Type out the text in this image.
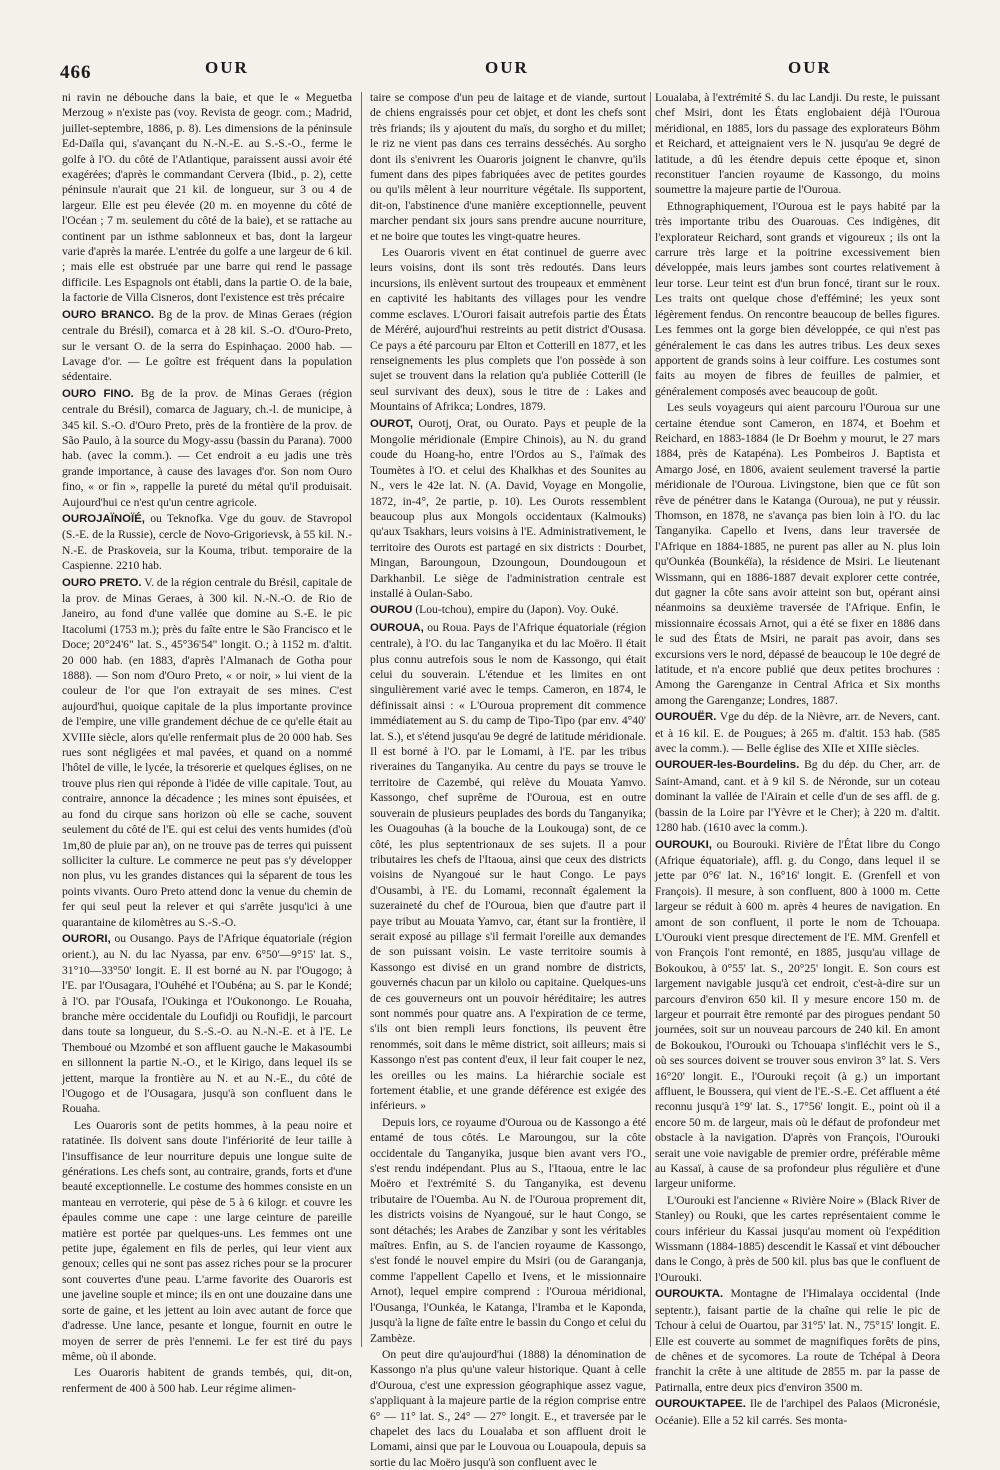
466	OUR	OUR	OUR

ni ravin ne débouche dans la baie, et que le « Meguetba Merzoug » n'existe pas (voy. Revista de geogr. com.; Madrid, juillet-septembre, 1886, p. 8). Les dimensions de la péninsule Ed-Daïla qui, s'avançant du N.-N.-E. au S.-S.-O., ferme le golfe à l'O. du côté de l'Atlantique, paraissent aussi avoir été exagérées; d'après le commandant Cervera (Ibid., p. 2), cette péninsule n'aurait que 21 kil. de longueur, sur 3 ou 4 de largeur. Elle est peu élevée (20 m. en moyenne du côté de l'Océan ; 7 m. seulement du côté de la baie), et se rattache au continent par un isthme sablonneux et bas, dont la largeur varie d'après la marée. L'entrée du golfe a une largeur de 6 kil. ; mais elle est obstruée par une barre qui rend le passage difficile. Les Espagnols ont établi, dans la partie O. de la baie, la factorie de Villa Cisneros, dont l'existence est très précaire

OURO BRANCO. Bg de la prov. de Minas Geraes (région centrale du Brésil), comarca et à 28 kil. S.-O. d'Ouro-Preto, sur le versant O. de la serra do Espinhaçao. 2000 hab. — Lavage d'or. — Le goître est fréquent dans la population sédentaire.

OURO FINO. Bg de la prov. de Minas Geraes (région centrale du Brésil), comarca de Jaguary, ch.-l. de municipe, à 345 kil. S.-O. d'Ouro Preto, près de la frontière de la prov. de São Paulo, à la source du Mogy-assu (bassin du Parana). 7000 hab. (avec la comm.). — Cet endroit a eu jadis une très grande importance, à cause des lavages d'or. Son nom Ouro fino, « or fin », rappelle la pureté du métal qu'il produisait. Aujourd'hui ce n'est qu'un centre agricole.

OUROJAÏNOÏÉ, ou Teknofka. Vge du gouv. de Stavropol (S.-E. de la Russie), cercle de Novo-Grigorievsk, à 55 kil. N.-N.-E. de Praskoveia, sur la Kouma, tribut. temporaire de la Caspienne. 2210 hab.

OURO PRETO. V. de la région centrale du Brésil, capitale de la prov. de Minas Geraes, à 300 kil. N.-N.-O. de Rio de Janeiro, au fond d'une vallée que domine au S.-E. le pic Itacolumi (1753 m.); près du faîte entre le São Francisco et le Doce; 20°24'6" lat. S., 45°36'54" longit. O.; à 1152 m. d'altit. 20 000 hab. (en 1883, d'après l'Almanach de Gotha pour 1888). — Son nom d'Ouro Preto, « or noir, » lui vient de la couleur de l'or que l'on extrayait de ses mines. C'est aujourd'hui, quoique capitale de la plus importante province de l'empire, une ville grandement déchue de ce qu'elle était au XVIIIe siècle, alors qu'elle renfermait plus de 20 000 hab. Ses rues sont négligées et mal pavées, et quand on a nommé l'hôtel de ville, le lycée, la trésorerie et quelques églises, on ne trouve plus rien qui réponde à l'idée de ville capitale. Tout, au contraire, annonce la décadence ; les mines sont épuisées, et au fond du cirque sans horizon où elle se cache, souvent seulement du côté de l'E. qui est celui des vents humides (d'où 1m,80 de pluie par an), on ne trouve pas de terres qui puissent solliciter la culture. Le commerce ne peut pas s'y développer non plus, vu les grandes distances qui la séparent de tous les points vivants. Ouro Preto attend donc la venue du chemin de fer qui seul peut la relever et qui s'arrête jusqu'ici à une quarantaine de kilomètres au S.-S.-O.

OURORI, ou Ousango. Pays de l'Afrique équatoriale (région orient.), au N. du lac Nyassa, par env. 6°50'—9°15' lat. S., 31°10—33°50' longit. E. Il est borné au N. par l'Ougogo; à l'E. par l'Ousagara, l'Ouhéhé et l'Oubéna; au S. par le Kondé; à l'O. par l'Ousafa, l'Oukinga et l'Oukonongo. Le Rouaha, branche mère occidentale du Loufidji ou Roufidji, le parcourt dans toute sa longueur, du S.-S.-O. au N.-N.-E. et à l'E. Le Themboué ou Mzombé et son affluent gauche le Makasoumbi en sillonnent la partie N.-O., et le Kirigo, dans lequel ils se jettent, marque la frontière au N. et au N.-E., du côté de l'Ougogo et de l'Ousagara, jusqu'à son confluent dans le Rouaha.

Les Ouaroris sont de petits hommes, à la peau noire et ratatinée. Ils doivent sans doute l'infériorité de leur taille à l'insuffisance de leur nourriture depuis une longue suite de générations. Les chefs sont, au contraire, grands, forts et d'une beauté exceptionnelle. Le costume des hommes consiste en un manteau en verroterie, qui pèse de 5 à 6 kilogr. et couvre les épaules comme une cape : une large ceinture de pareille matière est portée par quelques-uns. Les femmes ont une petite jupe, également en fils de perles, qui leur vient aux genoux; celles qui ne sont pas assez riches pour se la procurer sont couvertes d'une peau. L'arme favorite des Ouaroris est une javeline souple et mince; ils en ont une douzaine dans une sorte de gaine, et les jettent au loin avec autant de force que d'adresse. Une lance, pesante et longue, fournit en outre le moyen de serrer de près l'ennemi. Le fer est tiré du pays même, où il abonde.

Les Ouaroris habitent de grands tembés, qui, dit-on, renferment de 400 à 500 hab. Leur régime alimen-

taire se compose d'un peu de laitage et de viande, surtout de chiens engraissés pour cet objet, et dont les chefs sont très friands; ils y ajoutent du maïs, du sorgho et du millet; le riz ne vient pas dans ces terrains desséchés. Au sorgho dont ils s'enivrent les Ouaroris joignent le chanvre, qu'ils fument dans des pipes fabriquées avec de petites gourdes ou qu'ils mêlent à leur nourriture végétale. Ils supportent, dit-on, l'abstinence d'une manière exceptionnelle, peuvent marcher pendant six jours sans prendre aucune nourriture, et ne boire que toutes les vingt-quatre heures.

Les Ouaroris vivent en état continuel de guerre avec leurs voisins, dont ils sont très redoutés. Dans leurs incursions, ils enlèvent surtout des troupeaux et emmènent en captivité les habitants des villages pour les vendre comme esclaves. L'Ourori faisait autrefois partie des États de Méréré, aujourd'hui restreints au petit district d'Ousasa. Ce pays a été parcouru par Elton et Cotterill en 1877, et les renseignements les plus complets que l'on possède à son sujet se trouvent dans la relation qu'a publiée Cotterill (le seul survivant des deux), sous le titre de : Lakes and Mountains of Afrikca; Londres, 1879.

OUROT, Ourotj, Orat, ou Ourato. Pays et peuple de la Mongolie méridionale (Empire Chinois), au N. du grand coude du Hoang-ho, entre l'Ordos au S., l'aïmak des Toumètes à l'O. et celui des Khalkhas et des Sounites au N., vers le 42e lat. N. (A. David, Voyage en Mongolie, 1872, in-4°, 2e partie, p. 10). Les Ourots ressemblent beaucoup plus aux Mongols occidentaux (Kalmouks) qu'aux Tsakhars, leurs voisins à l'E. Administrativement, le territoire des Ourots est partagé en six districts : Dourbet, Mingan, Baroungoun, Dzoungoun, Doundougoun et Darkhanbil. Le siège de l'administration centrale est installé à Oulan-Sabo.

OUROU (Lou-tchou), empire du (Japon). Voy. Ouké.

OUROUA, ou Roua. Pays de l'Afrique équatoriale (région centrale), à l'O. du lac Tanganyika et du lac Moëro. Il était plus connu autrefois sous le nom de Kassongo, qui était celui du souverain. L'étendue et les limites en ont singulièrement varié avec le temps. Cameron, en 1874, le définissait ainsi : « L'Ouroua proprement dit commence immédiatement au S. du camp de Tipo-Tipo (par env. 4°40' lat. S.), et s'étend jusqu'au 9e degré de latitude méridionale. Il est borné à l'O. par le Lomami, à l'E. par les tribus riveraines du Tanganyika. Au centre du pays se trouve le territoire de Cazembé, qui relève du Mouata Yamvo. Kassongo, chef suprême de l'Ouroua, est en outre souverain de plusieurs peuplades des bords du Tanganyika; les Ouagouhas (à la bouche de la Loukouga) sont, de ce côté, les plus septentrionaux de ses sujets. Il a pour tributaires les chefs de l'Itaoua, ainsi que ceux des districts voisins de Nyangoué sur le haut Congo. Le pays d'Ousambi, à l'E. du Lomami, reconnaît également la suzeraineté du chef de l'Ouroua, bien que d'autre part il paye tribut au Mouata Yamvo, car, étant sur la frontière, il serait exposé au pillage s'il fermait l'oreille aux demandes de son puissant voisin. Le vaste territoire soumis à Kassongo est divisé en un grand nombre de districts, gouvernés chacun par un kilolo ou capitaine. Quelques-uns de ces gouverneurs ont un pouvoir héréditaire; les autres sont nommés pour quatre ans. A l'expiration de ce terme, s'ils ont bien rempli leurs fonctions, ils peuvent être renommés, soit dans le même district, soit ailleurs; mais si Kassongo n'est pas content d'eux, il leur fait couper le nez, les oreilles ou les mains. La hiérarchie sociale est fortement établie, et une grande déférence est exigée des inférieurs. »

Depuis lors, ce royaume d'Ouroua ou de Kassongo a été entamé de tous côtés. Le Maroungou, sur la côte occidentale du Tanganyika, jusque bien avant vers l'O., s'est rendu indépendant. Plus au S., l'Itaoua, entre le lac Moëro et l'extrémité S. du Tanganyika, est devenu tributaire de l'Ouemba. Au N. de l'Ouroua proprement dit, les districts voisins de Nyangoué, sur le haut Congo, se sont détachés; les Arabes de Zanzibar y sont les véritables maîtres. Enfin, au S. de l'ancien royaume de Kassongo, s'est fondé le nouvel empire du Msiri (ou de Garanganja, comme l'appellent Capello et Ivens, et le missionnaire Arnot), lequel empire comprend : l'Ouroua méridional, l'Ousanga, l'Ounkéa, le Katanga, l'Iramba et le Kaponda, jusqu'à la ligne de faîte entre le bassin du Congo et celui du Zambèze.

On peut dire qu'aujourd'hui (1888) la dénomination de Kassongo n'a plus qu'une valeur historique. Quant à celle d'Ouroua, c'est une expression géographique assez vague, s'appliquant à la majeure partie de la région comprise entre 6° — 11° lat. S., 24° — 27° longit. E., et traversée par le chapelet des lacs du Loualaba et son affluent droit le Lomami, ainsi que par le Louvoua ou Louapoula, depuis sa sortie du lac Moëro jusqu'à son confluent avec le

Loualaba, à l'extrémité S. du lac Landji. Du reste, le puissant chef Msiri, dont les États englobaient déjà l'Ouroua méridional, en 1885, lors du passage des explorateurs Böhm et Reichard, et atteignaient vers le N. jusqu'au 9e degré de latitude, a dû les étendre depuis cette époque et, sinon reconstituer l'ancien royaume de Kassongo, du moins soumettre la majeure partie de l'Ouroua.

Ethnographiquement, l'Ouroua est le pays habité par la très importante tribu des Ouarouas. Ces indigènes, dit l'explorateur Reichard, sont grands et vigoureux ; ils ont la carrure très large et la poitrine excessivement bien développée, mais leurs jambes sont courtes relativement à leur torse. Leur teint est d'un brun foncé, tirant sur le roux. Les traits ont quelque chose d'efféminé; les yeux sont légèrement fendus. On rencontre beaucoup de belles figures. Les femmes ont la gorge bien développée, ce qui n'est pas généralement le cas dans les autres tribus. Les deux sexes apportent de grands soins à leur coiffure. Les costumes sont faits au moyen de fibres de feuilles de palmier, et généralement composés avec beaucoup de goût.

Les seuls voyageurs qui aient parcouru l'Ouroua sur une certaine étendue sont Cameron, en 1874, et Boehm et Reichard, en 1883-1884 (le Dr Boehm y mourut, le 27 mars 1884, près de Katapéna). Les Pombeiros J. Baptista et Amargo José, en 1806, avaient seulement traversé la partie méridionale de l'Ouroua. Livingstone, bien que ce fût son rêve de pénétrer dans le Katanga (Ouroua), ne put y réussir. Thomson, en 1878, ne s'avança pas bien loin à l'O. du lac Tanganyika. Capello et Ivens, dans leur traversée de l'Afrique en 1884-1885, ne purent pas aller au N. plus loin qu'Ounkéa (Bounkéïa), la résidence de Msiri. Le lieutenant Wissmann, qui en 1886-1887 devait explorer cette contrée, dut gagner la côte sans avoir atteint son but, opérant ainsi néanmoins sa deuxième traversée de l'Afrique. Enfin, le missionnaire écossais Arnot, qui a été se fixer en 1886 dans le sud des États de Msiri, ne parait pas avoir, dans ses excursions vers le nord, dépassé de beaucoup le 10e degré de latitude, et n'a encore publié que deux petites brochures : Among the Garenganze in Central Africa et Six months among the Garenganze; Londres, 1887.

OUROUËR. Vge du dép. de la Nièvre, arr. de Nevers, cant. et à 16 kil. E. de Pougues; à 265 m. d'altit. 153 hab. (585 avec la comm.). — Belle église des XIIe et XIIIe siècles.

OUROUER-les-Bourdelins. Bg du dép. du Cher, arr. de Saint-Amand, cant. et à 9 kil S. de Néronde, sur un coteau dominant la vallée de l'Airain et celle d'un de ses affl. de g. (bassin de la Loire par l'Yèvre et le Cher); à 220 m. d'altit. 1280 hab. (1610 avec la comm.).

OUROUKI, ou Bourouki. Rivière de l'État libre du Congo (Afrique équatoriale), affl. g. du Congo, dans lequel il se jette par 0°6' lat. N., 16°16' longit. E. (Grenfell et von François). Il mesure, à son confluent, 800 à 1000 m. Cette largeur se réduit à 600 m. après 4 heures de navigation. En amont de son confluent, il porte le nom de Tchouapa. L'Ourouki vient presque directement de l'E. MM. Grenfell et von François l'ont remonté, en 1885, jusqu'au village de Bokoukou, à 0°55' lat. S., 20°25' longit. E. Son cours est largement navigable jusqu'à cet endroit, c'est-à-dire sur un parcours d'environ 650 kil. Il y mesure encore 150 m. de largeur et pourrait être remonté par des pirogues pendant 50 journées, soit sur un nouveau parcours de 240 kil. En amont de Bokoukou, l'Ourouki ou Tchouapa s'infléchit vers le S., où ses sources doivent se trouver sous environ 3° lat. S. Vers 16°20' longit. E., l'Ourouki reçoit (à g.) un important affluent, le Boussera, qui vient de l'E.-S.-E. Cet affluent a été reconnu jusqu'à 1°9' lat. S., 17°56' longit. E., point où il a encore 50 m. de largeur, mais où le défaut de profondeur met obstacle à la navigation. D'après von François, l'Ourouki serait une voie navigable de premier ordre, préférable même au Kassaï, à cause de sa profondeur plus régulière et d'une largeur uniforme.

L'Ourouki est l'ancienne « Rivière Noire » (Black River de Stanley) ou Rouki, que les cartes représentaient comme le cours inférieur du Kassai jusqu'au moment où l'expédition Wissmann (1884-1885) descendit le Kassaï et vint déboucher dans le Congo, à près de 500 kil. plus bas que le confluent de l'Ourouki.

OUROUKTA. Montagne de l'Himalaya occidental (Inde septentr.), faisant partie de la chaîne qui relie le pic de Tchour à celui de Ouartou, par 31°5' lat. N., 75°15' longit. E. Elle est couverte au sommet de magnifiques forêts de pins, de chênes et de sycomores. La route de Tchépal à Deora franchit la crête à une altitude de 2855 m. par la passe de Patirnalla, entre deux pics d'environ 3500 m.

OUROUKTAPEE. Ile de l'archipel des Palaos (Micronésie, Océanie). Elle a 52 kil carrés. Ses monta-
